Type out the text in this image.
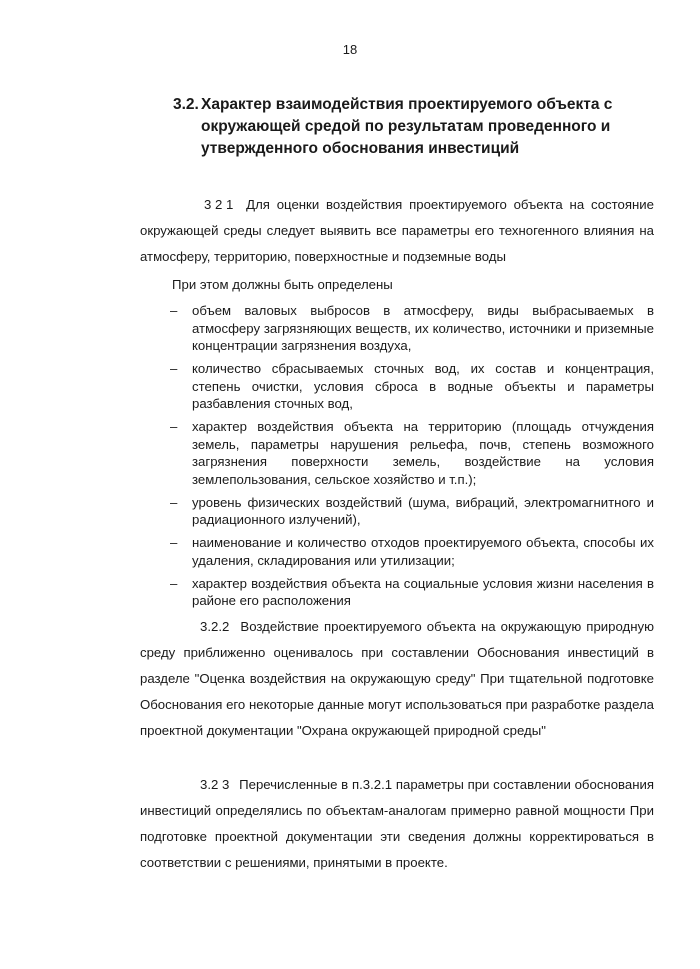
18
3.2. Характер взаимодействия проектируемого объекта с окружающей средой по результатам проведенного и утвержденного обоснования инвестиций

3 2 1 Для оценки воздействия проектируемого объекта на состояние окружающей среды следует выявить все параметры его техногенного влияния на атмосферу, территорию, поверхностные и подземные воды

При этом должны быть определены

– объем валовых выбросов в атмосферу, виды выбрасываемых в атмосферу загрязняющих веществ, их количество, источники и приземные концентрации загрязнения воздуха,
– количество сбрасываемых сточных вод, их состав и концентрация, степень очистки, условия сброса в водные объекты и параметры разбавления сточных вод,
– характер воздействия объекта на территорию (площадь отчуждения земель, параметры нарушения рельефа, почв, степень возможного загрязнения поверхности земель, воздействие на условия землепользования, сельское хозяйство и т.п.);
– уровень физических воздействий (шума, вибраций, электромагнитного и радиационного излучений),
– наименование и количество отходов проектируемого объекта, способы их удаления, складирования или утилизации;
– характер воздействия объекта на социальные условия жизни населения в районе его расположения

3.2.2 Воздействие проектируемого объекта на окружающую природную среду приближенно оценивалось при составлении Обоснования инвестиций в разделе "Оценка воздействия на окружающую среду" При тщательной подготовке Обоснования его некоторые данные могут использоваться при разработке раздела проектной документации "Охрана окружающей природной среды"

3.2 3 Перечисленные в п.3.2.1 параметры при составлении обоснования инвестиций определялись по объектам-аналогам примерно равной мощности При подготовке проектной документации эти сведения должны корректироваться в соответствии с решениями, принятыми в проекте.
